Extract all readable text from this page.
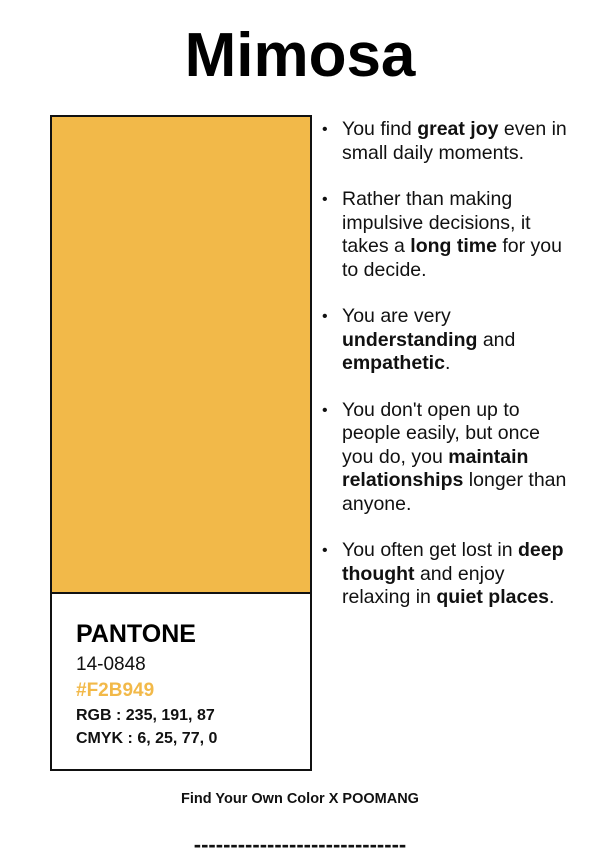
Mimosa
PANTONE
14-0848
#F2B949
RGB : 235, 191, 87
CMYK : 6, 25, 77, 0
• You find great joy even in small daily moments.
• Rather than making impulsive decisions, it takes a long time for you to decide.
• You are very understanding and empathetic.
• You don't open up to people easily, but once you do, you maintain relationships longer than anyone.
• You often get lost in deep thought and enjoy relaxing in quiet places.
Find Your Own Color X POOMANG
-----------------------------
